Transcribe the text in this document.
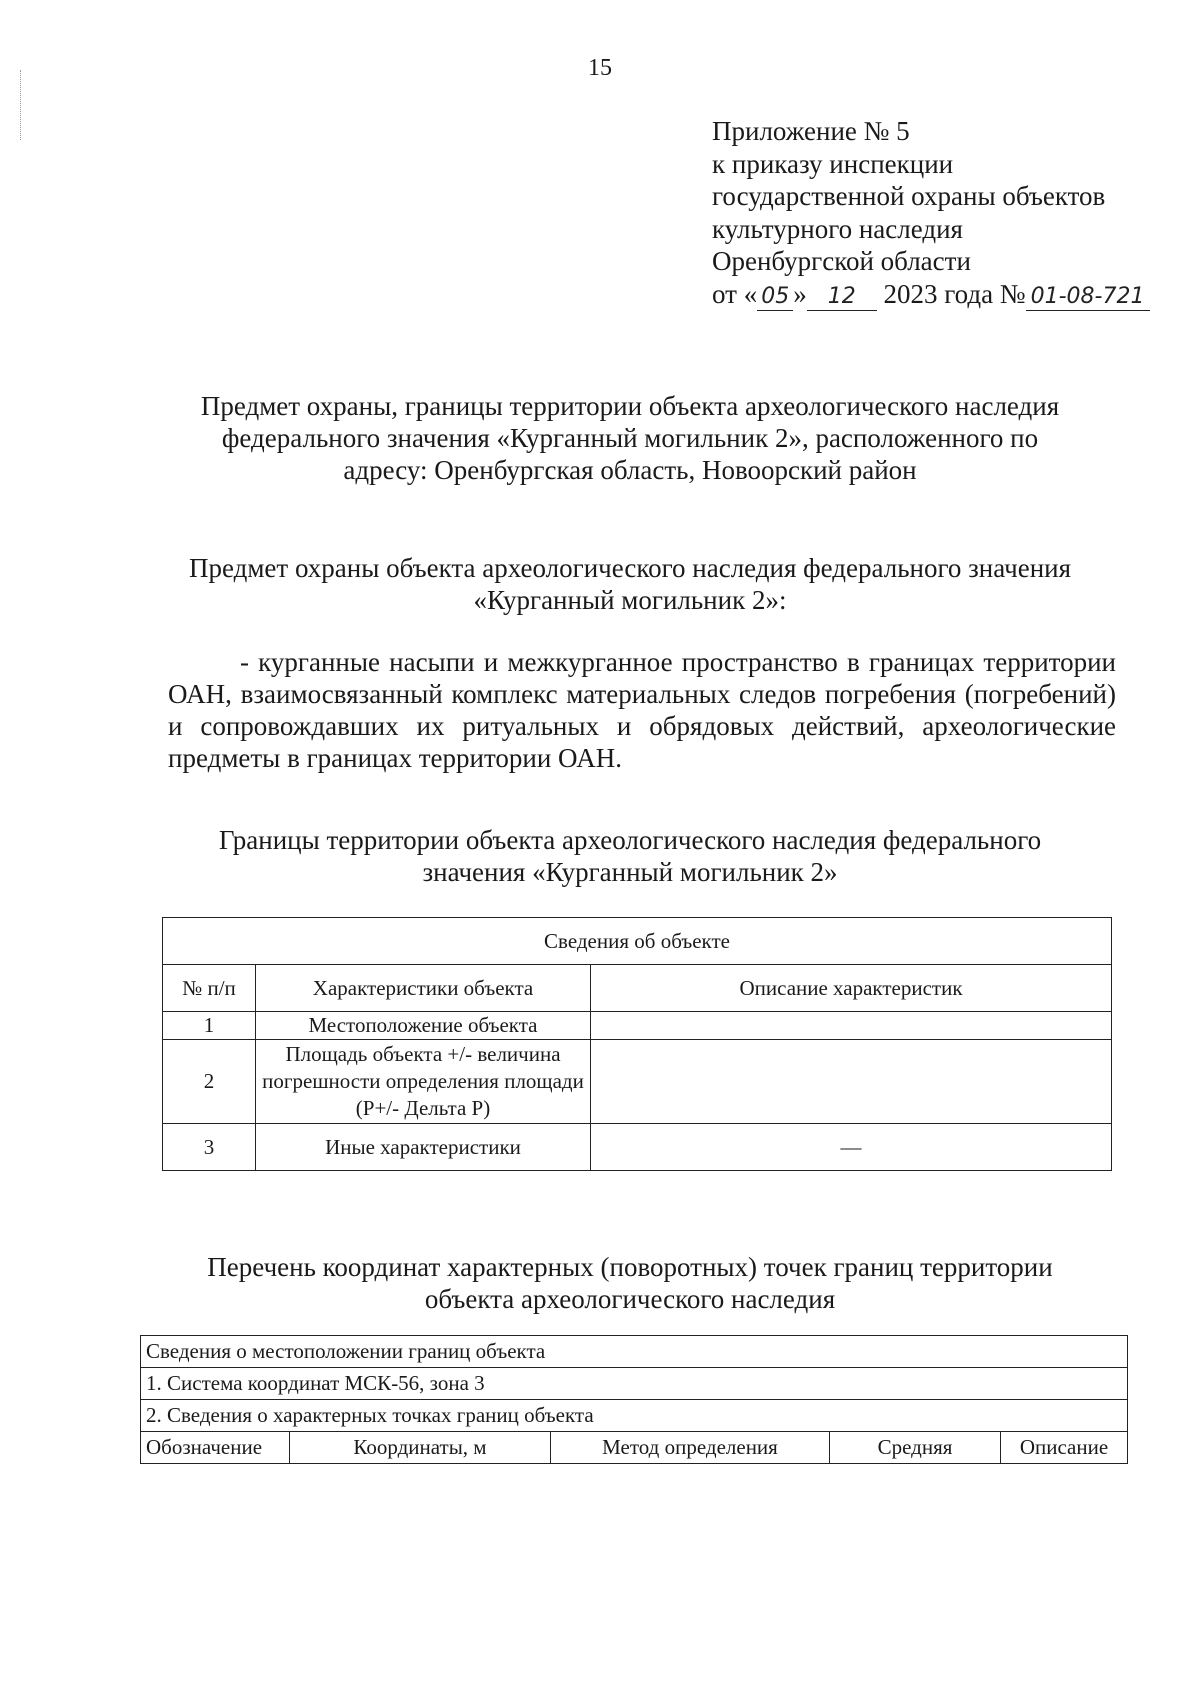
15
Приложение № 5
к приказу инспекции
государственной охраны объектов
культурного наследия
Оренбургской области
от « 05 » 12 2023 года № 01-08-721
Предмет охраны, границы территории объекта археологического наследия
федерального значения «Курганный могильник 2», расположенного по
адресу: Оренбургская область, Новоорский район
Предмет охраны объекта археологического наследия федерального значения
«Курганный могильник 2»:
- курганные насыпи и межкурганное пространство в границах территории ОАН, взаимосвязанный комплекс материальных следов погребения (погребений) и сопровождавших их ритуальных и обрядовых действий, археологические предметы в границах территории ОАН.
Границы территории объекта археологического наследия федерального
значения «Курганный могильник 2»
Сведения об объекте		
№ п/п	Характеристики объекта	Описание характеристик
1	Местоположение объекта	
2	Площадь объекта +/- величина погрешности определения площади (P+/- Дельта P)	
3	Иные характеристики	—
Перечень координат характерных (поворотных) точек границ территории
объекта археологического наследия
Сведения о местоположении границ объекта
1. Система координат МСК-56, зона 3
2. Сведения о характерных точках границ объекта
Обозначение	Координаты, м	Метод определения	Средняя	Описание
